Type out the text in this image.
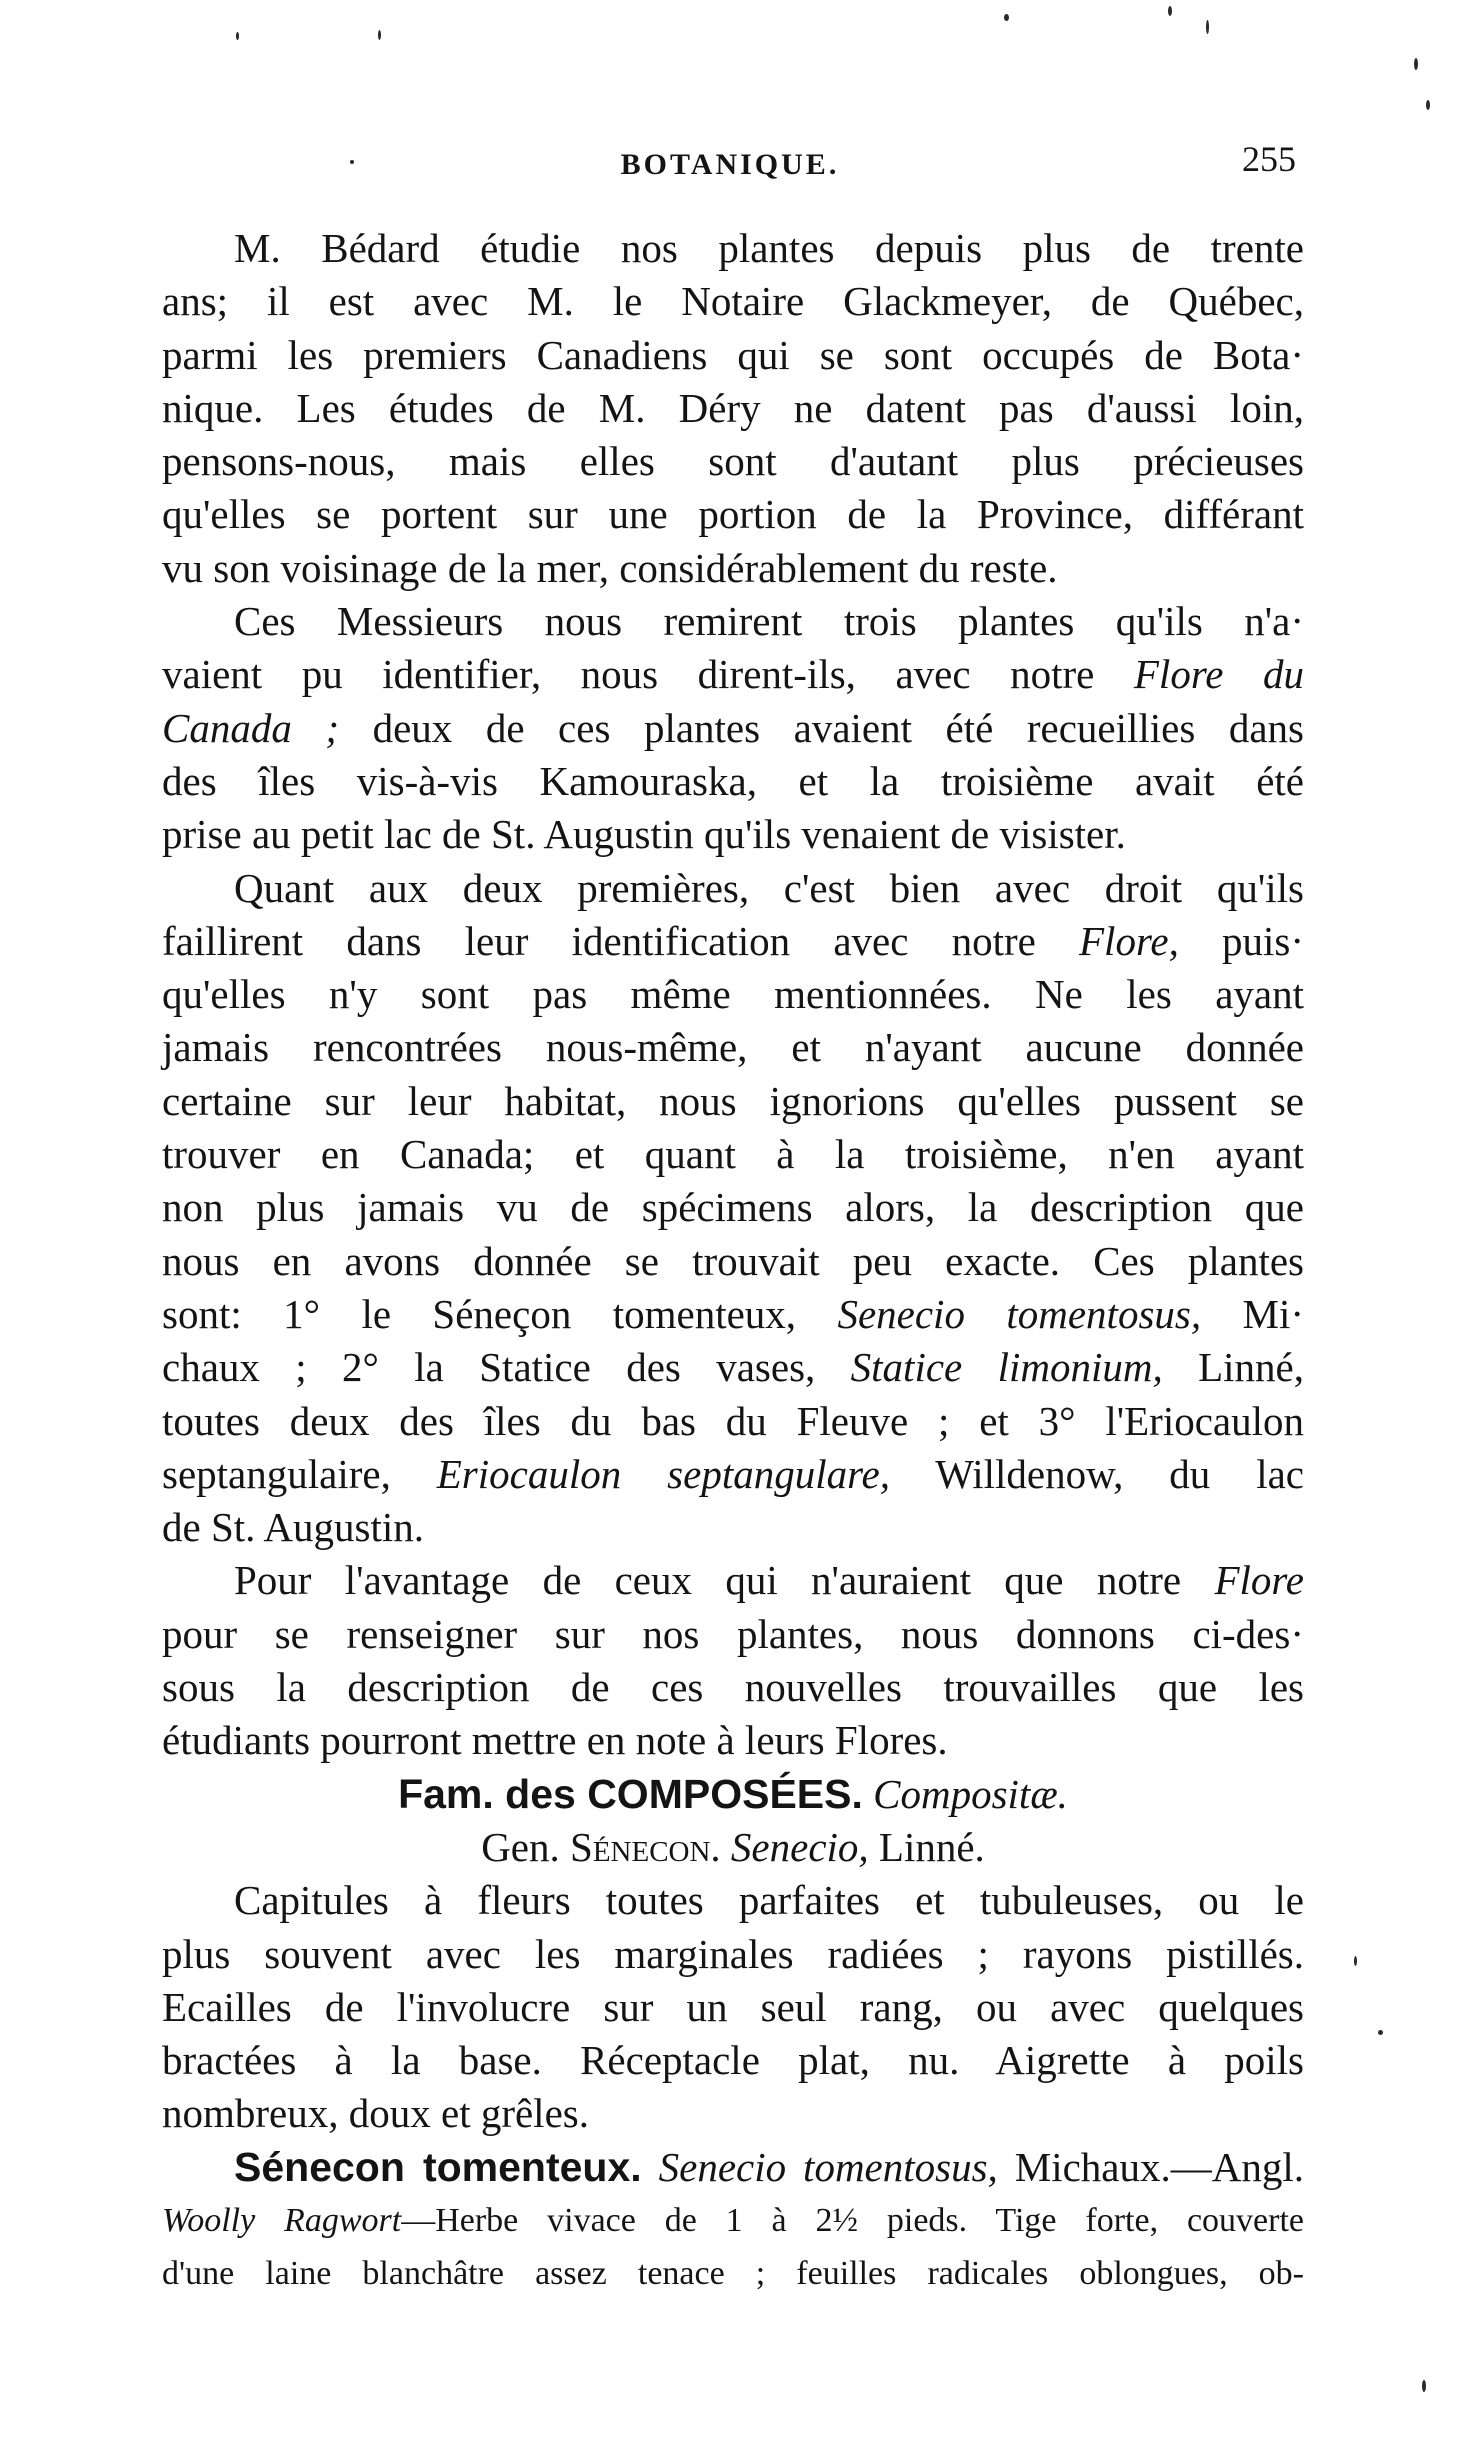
BOTANIQUE.	255
M. Bédard étudie nos plantes depuis plus de trente
ans; il est avec M. le Notaire Glackmeyer, de Québec,
parmi les premiers Canadiens qui se sont occupés de Bota·
nique. Les études de M. Déry ne datent pas d'aussi loin,
pensons-nous, mais elles sont d'autant plus précieuses
qu'elles se portent sur une portion de la Province, différant
vu son voisinage de la mer, considérablement du reste.
Ces Messieurs nous remirent trois plantes qu'ils n'a·
vaient pu identifier, nous dirent-ils, avec notre Flore du
Canada ; deux de ces plantes avaient été recueillies dans
des îles vis-à-vis Kamouraska, et la troisième avait été
prise au petit lac de St. Augustin qu'ils venaient de visister.
Quant aux deux premières, c'est bien avec droit qu'ils
faillirent dans leur identification avec notre Flore, puis·
qu'elles n'y sont pas même mentionnées. Ne les ayant
jamais rencontrées nous-même, et n'ayant aucune donnée
certaine sur leur habitat, nous ignorions qu'elles pussent se
trouver en Canada; et quant à la troisième, n'en ayant
non plus jamais vu de spécimens alors, la description que
nous en avons donnée se trouvait peu exacte. Ces plantes
sont: 1° le Séneçon tomenteux, Senecio tomentosus, Mi·
chaux ; 2° la Statice des vases, Statice limonium, Linné,
toutes deux des îles du bas du Fleuve ; et 3° l'Eriocaulon
septangulaire, Eriocaulon septangulare, Willdenow, du lac
de St. Augustin.
Pour l'avantage de ceux qui n'auraient que notre Flore
pour se renseigner sur nos plantes, nous donnons ci-des·
sous la description de ces nouvelles trouvailles que les
étudiants pourront mettre en note à leurs Flores.
Fam. des COMPOSÉES. Compositæ.
Gen. Sénecon. Senecio, Linné.
Capitules à fleurs toutes parfaites et tubuleuses, ou le
plus souvent avec les marginales radiées ; rayons pistillés.
Ecailles de l'involucre sur un seul rang, ou avec quelques
bractées à la base. Réceptacle plat, nu. Aigrette à poils
nombreux, doux et grêles.
Sénecon tomenteux. Senecio tomentosus, Michaux.—Angl.
Woolly Ragwort—Herbe vivace de 1 à 2½ pieds. Tige forte, couverte
d'une laine blanchâtre assez tenace ; feuilles radicales oblongues, ob-
